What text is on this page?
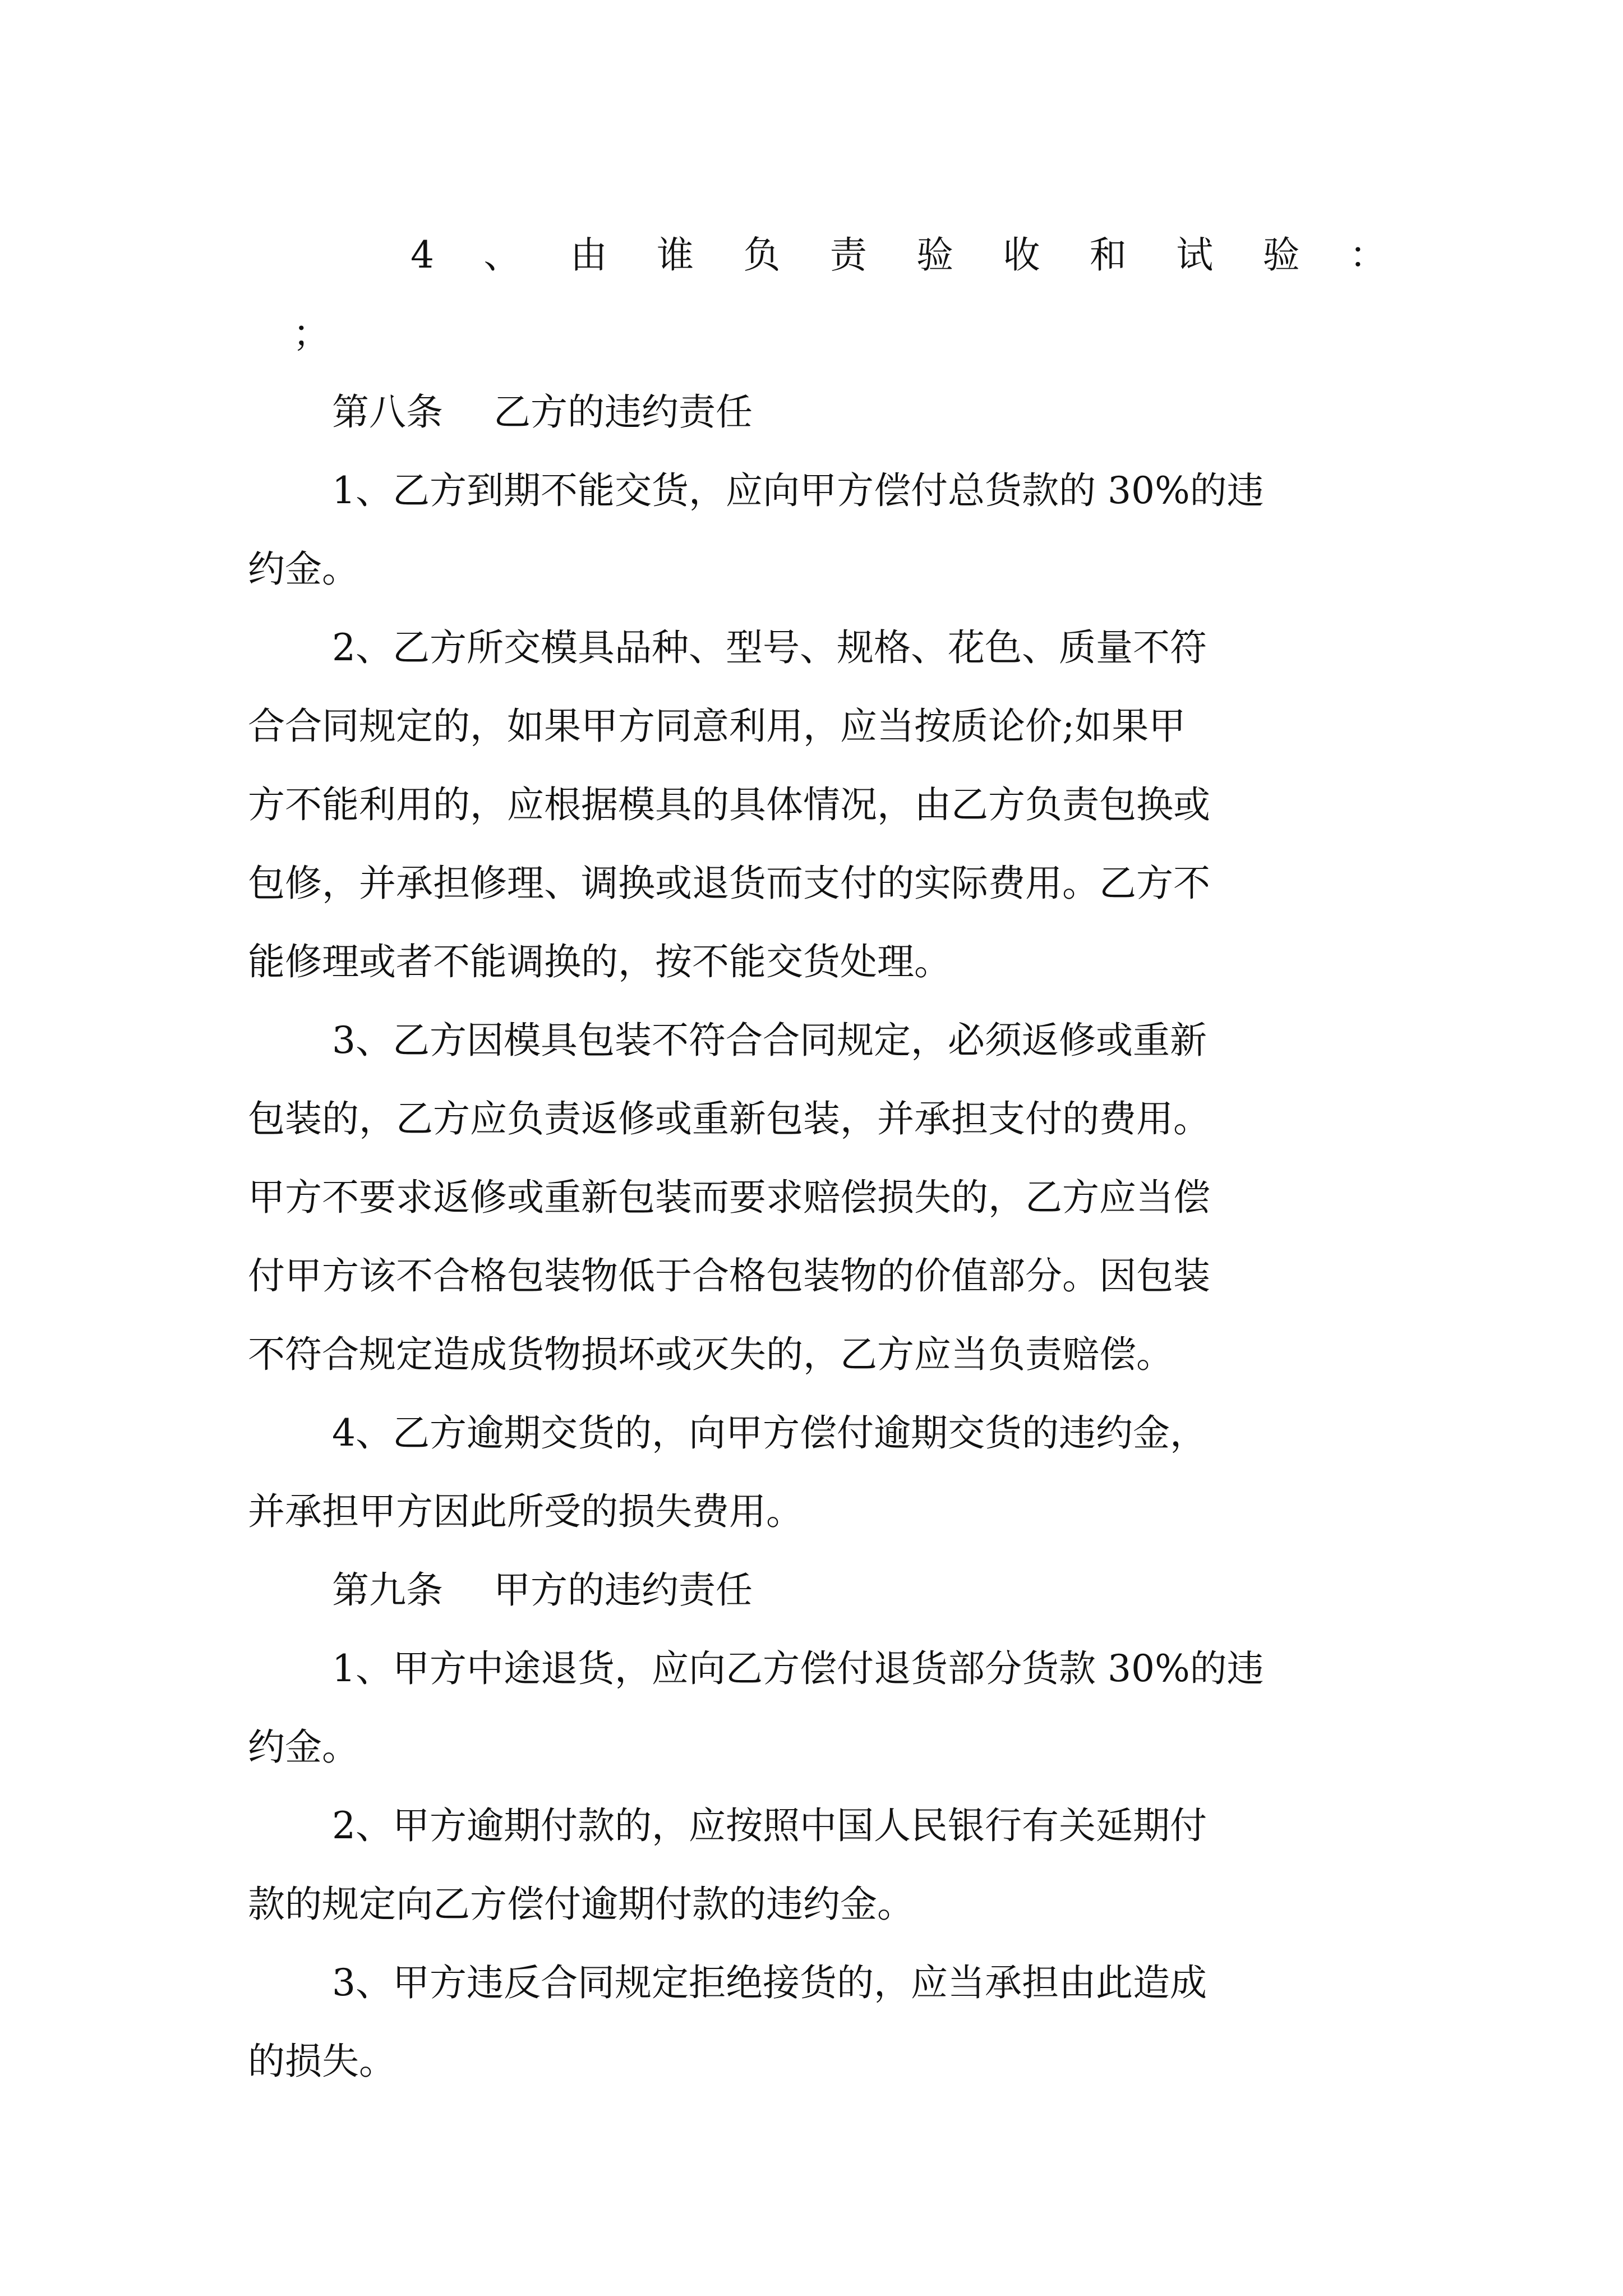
4 、 由 谁 负 责 验 收 和 试 验 ：
；
第八条 乙方的违约责任
1、乙方到期不能交货，应向甲方偿付总货款的 30%的违
约金。
2、乙方所交模具品种、型号、规格、花色、质量不符
合合同规定的，如果甲方同意利用，应当按质论价;如果甲
方不能利用的，应根据模具的具体情况，由乙方负责包换或
包修，并承担修理、调换或退货而支付的实际费用。乙方不
能修理或者不能调换的，按不能交货处理。
3、乙方因模具包装不符合合同规定，必须返修或重新
包装的，乙方应负责返修或重新包装，并承担支付的费用。
甲方不要求返修或重新包装而要求赔偿损失的，乙方应当偿
付甲方该不合格包装物低于合格包装物的价值部分。因包装
不符合规定造成货物损坏或灭失的，乙方应当负责赔偿。
4、乙方逾期交货的，向甲方偿付逾期交货的违约金，
并承担甲方因此所受的损失费用。
第九条 甲方的违约责任
1、甲方中途退货，应向乙方偿付退货部分货款 30%的违
约金。
2、甲方逾期付款的，应按照中国人民银行有关延期付
款的规定向乙方偿付逾期付款的违约金。
3、甲方违反合同规定拒绝接货的，应当承担由此造成
的损失。
